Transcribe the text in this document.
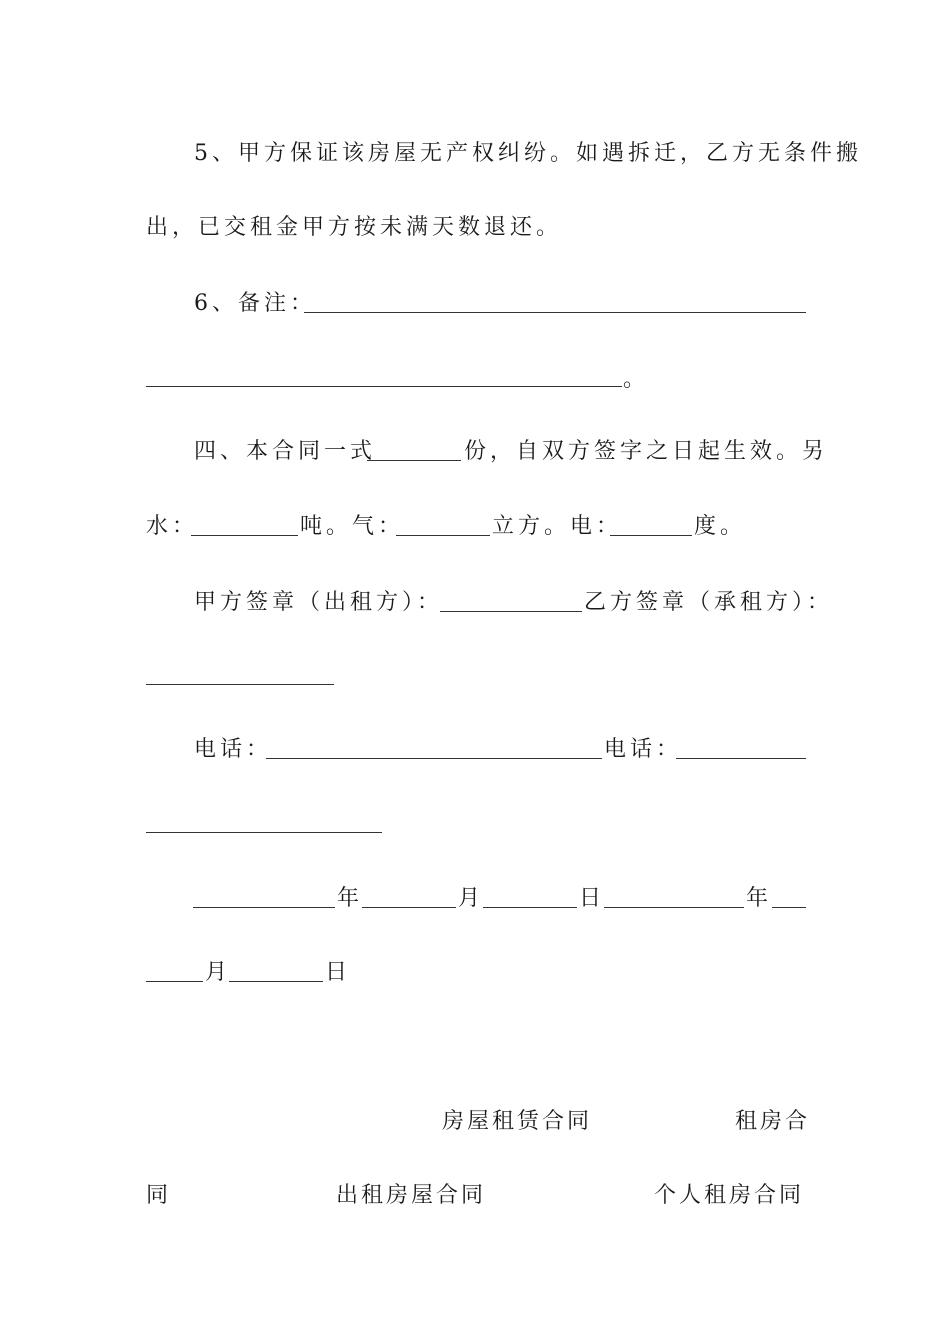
5、甲方保证该房屋无产权纠纷。如遇拆迁，乙方无条件搬
出，已交租金甲方按未满天数退还。
6、备注：
。
四、本合同一式	份，自双方签字之日起生效。另
水：	吨。气：	立方。电：	度。
甲方签章（出租方）：	乙方签章（承租方）：
电话：	电话：
年	月	日	年
月	日
房屋租赁合同	租房合
同	出租房屋合同	个人租房合同
